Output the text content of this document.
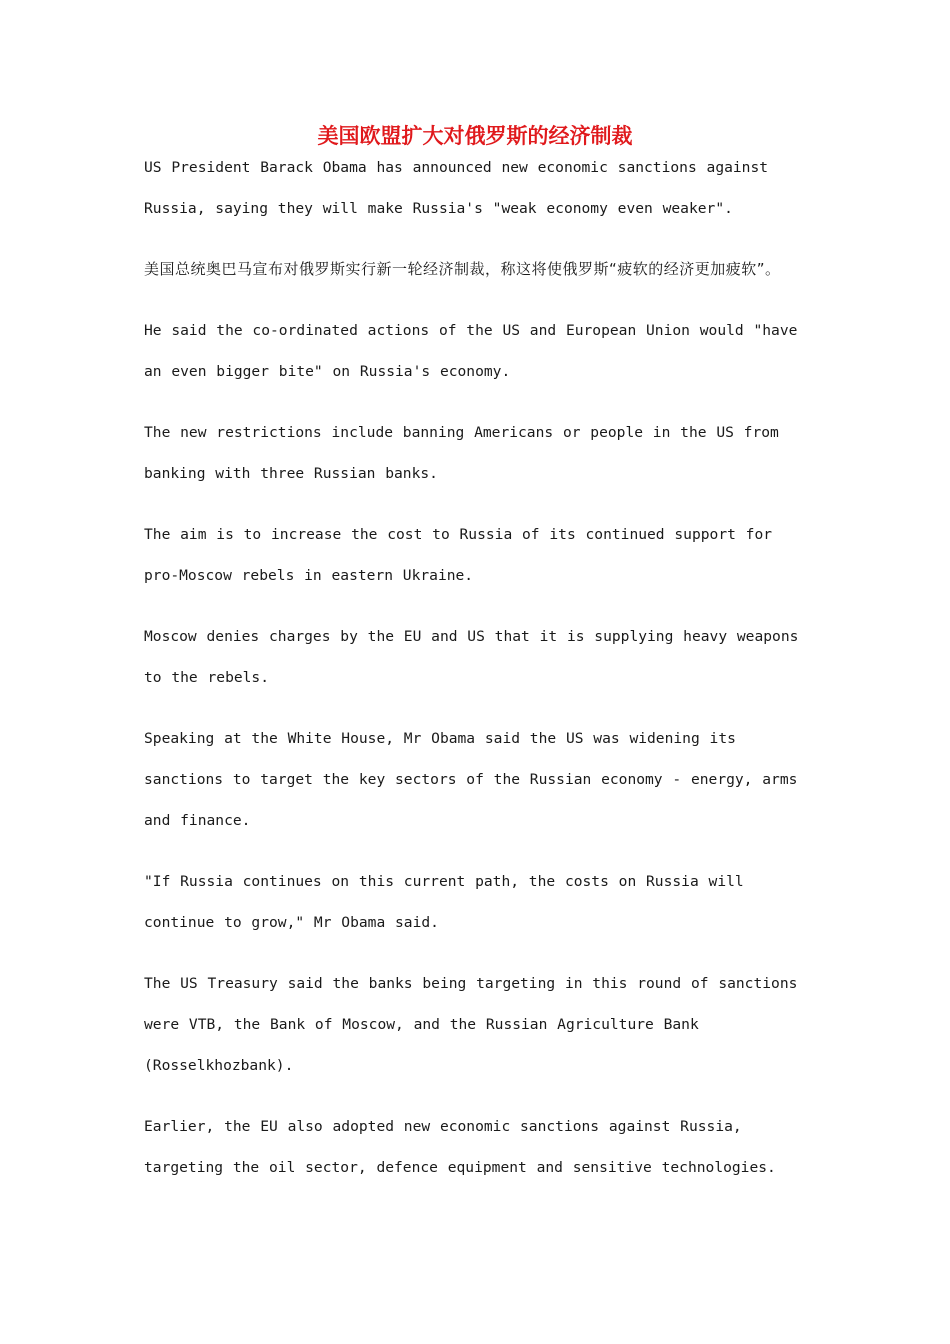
美国欧盟扩大对俄罗斯的经济制裁

US President Barack Obama has announced new economic sanctions against Russia, saying they will make Russia's "weak economy even weaker".

美国总统奥巴马宣布对俄罗斯实行新一轮经济制裁，称这将使俄罗斯“疲软的经济更加疲软”。

He said the co-ordinated actions of the US and European Union would "have an even bigger bite" on Russia's economy.

The new restrictions include banning Americans or people in the US from banking with three Russian banks.

The aim is to increase the cost to Russia of its continued support for pro-Moscow rebels in eastern Ukraine.

Moscow denies charges by the EU and US that it is supplying heavy weapons to the rebels.

Speaking at the White House, Mr Obama said the US was widening its sanctions to target the key sectors of the Russian economy - energy, arms and finance.

"If Russia continues on this current path, the costs on Russia will continue to grow," Mr Obama said.

The US Treasury said the banks being targeting in this round of sanctions were VTB, the Bank of Moscow, and the Russian Agriculture Bank (Rosselkhozbank).

Earlier, the EU also adopted new economic sanctions against Russia, targeting the oil sector, defence equipment and sensitive technologies.
